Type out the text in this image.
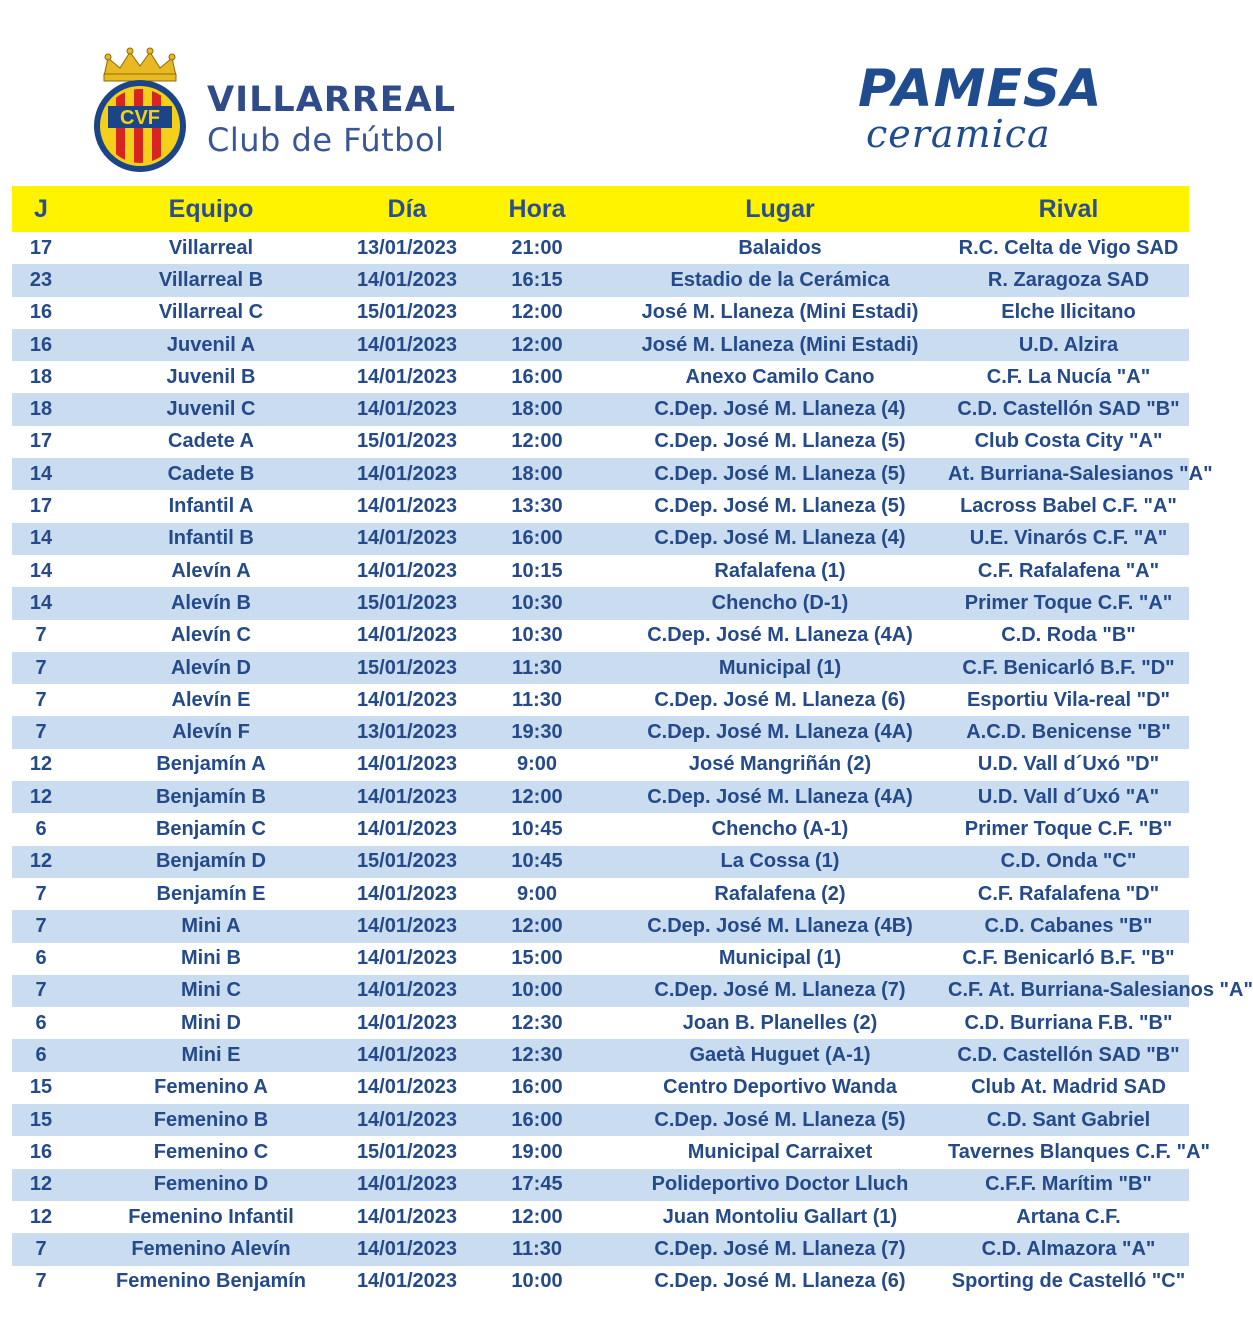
CVF VILLARREAL
Club de Fútbol
PAMESA
ceramica
J	Equipo	Día	Hora	Lugar	Rival
17	Villarreal	13/01/2023	21:00	Balaidos	R.C. Celta de Vigo SAD
23	Villarreal B	14/01/2023	16:15	Estadio de la Cerámica	R. Zaragoza SAD
16	Villarreal C	15/01/2023	12:00	José M. Llaneza (Mini Estadi)	Elche Ilicitano
16	Juvenil A	14/01/2023	12:00	José M. Llaneza (Mini Estadi)	U.D. Alzira
18	Juvenil B	14/01/2023	16:00	Anexo Camilo Cano	C.F. La Nucía "A"
18	Juvenil C	14/01/2023	18:00	C.Dep. José M. Llaneza (4)	C.D. Castellón SAD "B"
17	Cadete A	15/01/2023	12:00	C.Dep. José M. Llaneza (5)	Club Costa City "A"
14	Cadete B	14/01/2023	18:00	C.Dep. José M. Llaneza (5)	At. Burriana-Salesianos "A"
17	Infantil A	14/01/2023	13:30	C.Dep. José M. Llaneza (5)	Lacross Babel C.F. "A"
14	Infantil B	14/01/2023	16:00	C.Dep. José M. Llaneza (4)	U.E. Vinarós C.F. "A"
14	Alevín A	14/01/2023	10:15	Rafalafena (1)	C.F. Rafalafena "A"
14	Alevín B	15/01/2023	10:30	Chencho (D-1)	Primer Toque C.F. "A"
7	Alevín C	14/01/2023	10:30	C.Dep. José M. Llaneza (4A)	C.D. Roda "B"
7	Alevín D	15/01/2023	11:30	Municipal (1)	C.F. Benicarló B.F. "D"
7	Alevín E	14/01/2023	11:30	C.Dep. José M. Llaneza (6)	Esportiu Vila-real "D"
7	Alevín F	13/01/2023	19:30	C.Dep. José M. Llaneza (4A)	A.C.D. Benicense "B"
12	Benjamín A	14/01/2023	9:00	José Mangriñán (2)	U.D. Vall d´Uxó "D"
12	Benjamín B	14/01/2023	12:00	C.Dep. José M. Llaneza (4A)	U.D. Vall d´Uxó "A"
6	Benjamín C	14/01/2023	10:45	Chencho (A-1)	Primer Toque C.F. "B"
12	Benjamín D	15/01/2023	10:45	La Cossa (1)	C.D. Onda "C"
7	Benjamín E	14/01/2023	9:00	Rafalafena (2)	C.F. Rafalafena "D"
7	Mini A	14/01/2023	12:00	C.Dep. José M. Llaneza (4B)	C.D. Cabanes "B"
6	Mini B	14/01/2023	15:00	Municipal (1)	C.F. Benicarló B.F. "B"
7	Mini C	14/01/2023	10:00	C.Dep. José M. Llaneza (7)	C.F. At. Burriana-Salesianos "A"
6	Mini D	14/01/2023	12:30	Joan B. Planelles (2)	C.D. Burriana F.B. "B"
6	Mini E	14/01/2023	12:30	Gaetà Huguet (A-1)	C.D. Castellón SAD "B"
15	Femenino A	14/01/2023	16:00	Centro Deportivo Wanda	Club At. Madrid SAD
15	Femenino B	14/01/2023	16:00	C.Dep. José M. Llaneza (5)	C.D. Sant Gabriel
16	Femenino C	15/01/2023	19:00	Municipal Carraixet	Tavernes Blanques C.F. "A"
12	Femenino D	14/01/2023	17:45	Polideportivo Doctor Lluch	C.F.F. Marítim "B"
12	Femenino Infantil	14/01/2023	12:00	Juan Montoliu Gallart (1)	Artana C.F.
7	Femenino Alevín	14/01/2023	11:30	C.Dep. José M. Llaneza (7)	C.D. Almazora "A"
7	Femenino Benjamín	14/01/2023	10:00	C.Dep. José M. Llaneza (6)	Sporting de Castelló "C"
